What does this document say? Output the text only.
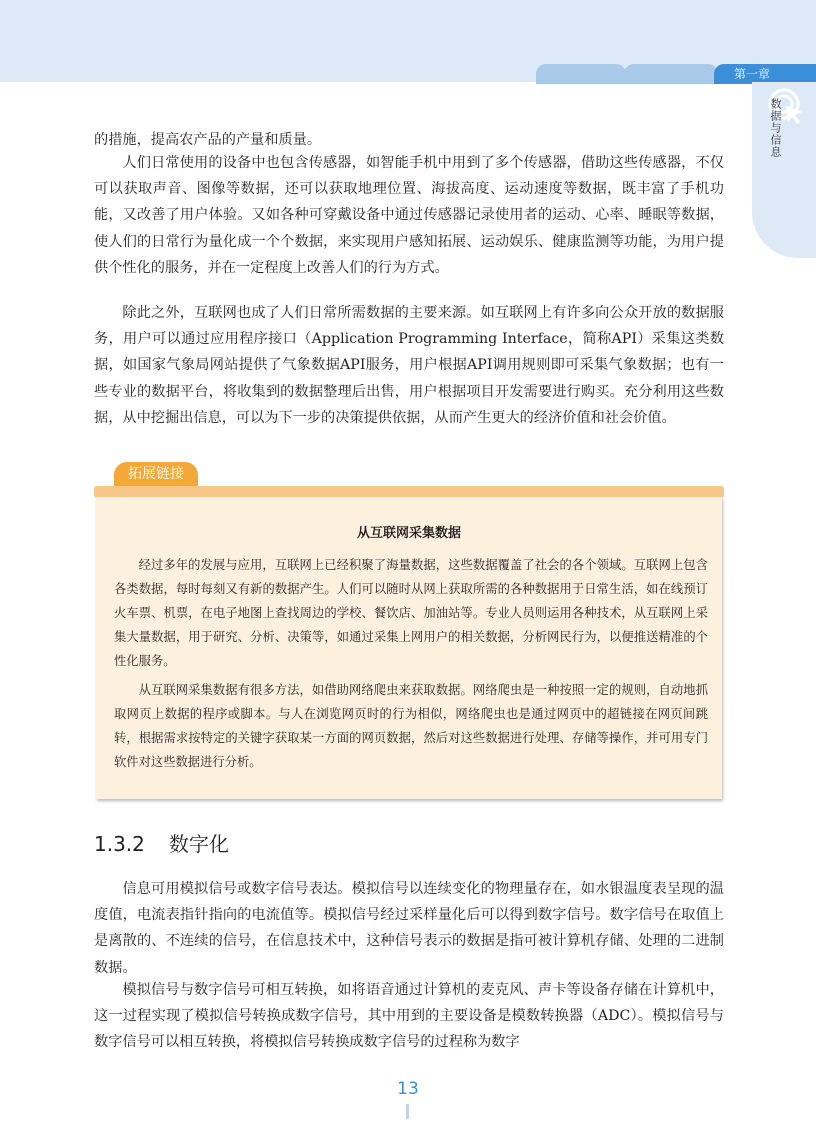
第一章
数据与信息

的措施，提高农产品的产量和质量。

人们日常使用的设备中也包含传感器，如智能手机中用到了多个传感器，借助这些传感器，不仅可以获取声音、图像等数据，还可以获取地理位置、海拔高度、运动速度等数据，既丰富了手机功能，又改善了用户体验。又如各种可穿戴设备中通过传感器记录使用者的运动、心率、睡眠等数据，使人们的日常行为量化成一个个数据，来实现用户感知拓展、运动娱乐、健康监测等功能，为用户提供个性化的服务，并在一定程度上改善人们的行为方式。

除此之外，互联网也成了人们日常所需数据的主要来源。如互联网上有许多向公众开放的数据服务，用户可以通过应用程序接口（Application Programming Interface，简称API）采集这类数据，如国家气象局网站提供了气象数据API服务，用户根据API调用规则即可采集气象数据；也有一些专业的数据平台，将收集到的数据整理后出售，用户根据项目开发需要进行购买。充分利用这些数据，从中挖掘出信息，可以为下一步的决策提供依据，从而产生更大的经济价值和社会价值。

拓展链接
从互联网采集数据

经过多年的发展与应用，互联网上已经积聚了海量数据，这些数据覆盖了社会的各个领域。互联网上包含各类数据，每时每刻又有新的数据产生。人们可以随时从网上获取所需的各种数据用于日常生活，如在线预订火车票、机票，在电子地图上查找周边的学校、餐饮店、加油站等。专业人员则运用各种技术，从互联网上采集大量数据，用于研究、分析、决策等，如通过采集上网用户的相关数据，分析网民行为，以便推送精准的个性化服务。

从互联网采集数据有很多方法，如借助网络爬虫来获取数据。网络爬虫是一种按照一定的规则，自动地抓取网页上数据的程序或脚本。与人在浏览网页时的行为相似，网络爬虫也是通过网页中的超链接在网页间跳转，根据需求按特定的关键字获取某一方面的网页数据，然后对这些数据进行处理、存储等操作，并可用专门软件对这些数据进行分析。

1.3.2 数字化

信息可用模拟信号或数字信号表达。模拟信号以连续变化的物理量存在，如水银温度表呈现的温度值，电流表指针指向的电流值等。模拟信号经过采样量化后可以得到数字信号。数字信号在取值上是离散的、不连续的信号，在信息技术中，这种信号表示的数据是指可被计算机存储、处理的二进制数据。

模拟信号与数字信号可相互转换，如将语音通过计算机的麦克风、声卡等设备存储在计算机中，这一过程实现了模拟信号转换成数字信号，其中用到的主要设备是模数转换器（ADC）。模拟信号与数字信号可以相互转换，将模拟信号转换成数字信号的过程称为数字

13
